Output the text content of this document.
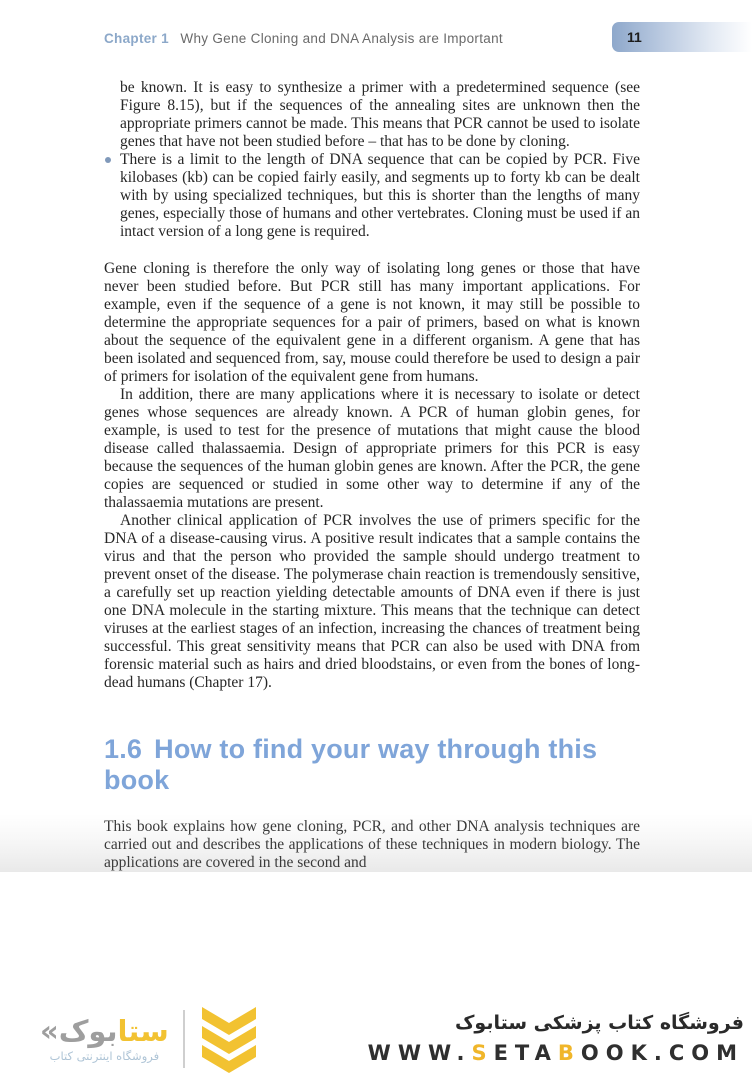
Chapter 1 Why Gene Cloning and DNA Analysis are Important	11

be known. It is easy to synthesize a primer with a predetermined sequence (see Figure 8.15), but if the sequences of the annealing sites are unknown then the appropriate primers cannot be made. This means that PCR cannot be used to isolate genes that have not been studied before – that has to be done by cloning.

There is a limit to the length of DNA sequence that can be copied by PCR. Five kilobases (kb) can be copied fairly easily, and segments up to forty kb can be dealt with by using specialized techniques, but this is shorter than the lengths of many genes, especially those of humans and other vertebrates. Cloning must be used if an intact version of a long gene is required.

Gene cloning is therefore the only way of isolating long genes or those that have never been studied before. But PCR still has many important applications. For example, even if the sequence of a gene is not known, it may still be possible to determine the appropriate sequences for a pair of primers, based on what is known about the sequence of the equivalent gene in a different organism. A gene that has been isolated and sequenced from, say, mouse could therefore be used to design a pair of primers for isolation of the equivalent gene from humans.

In addition, there are many applications where it is necessary to isolate or detect genes whose sequences are already known. A PCR of human globin genes, for example, is used to test for the presence of mutations that might cause the blood disease called thalassaemia. Design of appropriate primers for this PCR is easy because the sequences of the human globin genes are known. After the PCR, the gene copies are sequenced or studied in some other way to determine if any of the thalassaemia mutations are present.

Another clinical application of PCR involves the use of primers specific for the DNA of a disease-causing virus. A positive result indicates that a sample contains the virus and that the person who provided the sample should undergo treatment to prevent onset of the disease. The polymerase chain reaction is tremendously sensitive, a carefully set up reaction yielding detectable amounts of DNA even if there is just one DNA molecule in the starting mixture. This means that the technique can detect viruses at the earliest stages of an infection, increasing the chances of treatment being successful. This great sensitivity means that PCR can also be used with DNA from forensic material such as hairs and dried bloodstains, or even from the bones of long-dead humans (Chapter 17).

1.6 How to find your way through this book

This book explains how gene cloning, PCR, and other DNA analysis techniques are carried out and describes the applications of these techniques in modern biology. The applications are covered in the second and

« بوک ستا
فروشگاه اینترنتی کتاب
فروشگاه کتاب پزشکی ستابوک
WWW.SETABOOK.COM
